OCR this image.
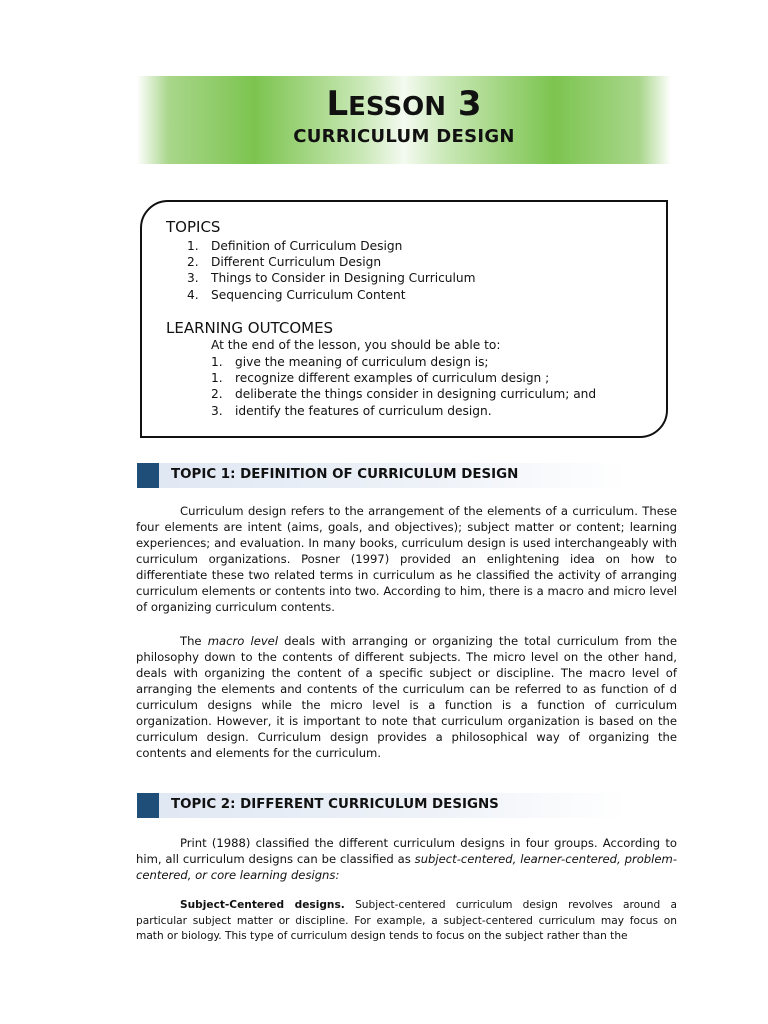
LESSON 3
CURRICULUM DESIGN
TOPICS
1.	Definition of Curriculum Design
2.	Different Curriculum Design
3.	Things to Consider in Designing Curriculum
4.	Sequencing Curriculum Content
LEARNING OUTCOMES
At the end of the lesson, you should be able to:
1.	give the meaning of curriculum design is;
1.	recognize different examples of curriculum design ;
2.	deliberate the things consider in designing curriculum; and
3.	identify the features of curriculum design.
TOPIC 1: DEFINITION OF CURRICULUM DESIGN

Curriculum design refers to the arrangement of the elements of a curriculum. These four elements are intent (aims, goals, and objectives); subject matter or content; learning experiences; and evaluation. In many books, curriculum design is used interchangeably with curriculum organizations. Posner (1997) provided an enlightening idea on how to differentiate these two related terms in curriculum as he classified the activity of arranging curriculum elements or contents into two. According to him, there is a macro and micro level of organizing curriculum contents.

The macro level deals with arranging or organizing the total curriculum from the philosophy down to the contents of different subjects. The micro level on the other hand, deals with organizing the content of a specific subject or discipline. The macro level of arranging the elements and contents of the curriculum can be referred to as function of d curriculum designs while the micro level is a function is a function of curriculum organization. However, it is important to note that curriculum organization is based on the curriculum design. Curriculum design provides a philosophical way of organizing the contents and elements for the curriculum.

TOPIC 2: DIFFERENT CURRICULUM DESIGNS

Print (1988) classified the different curriculum designs in four groups. According to him, all curriculum designs can be classified as subject-centered, learner-centered, problem-centered, or core learning designs:

Subject-Centered designs. Subject-centered curriculum design revolves around a particular subject matter or discipline. For example, a subject-centered curriculum may focus on math or biology. This type of curriculum design tends to focus on the subject rather than the
